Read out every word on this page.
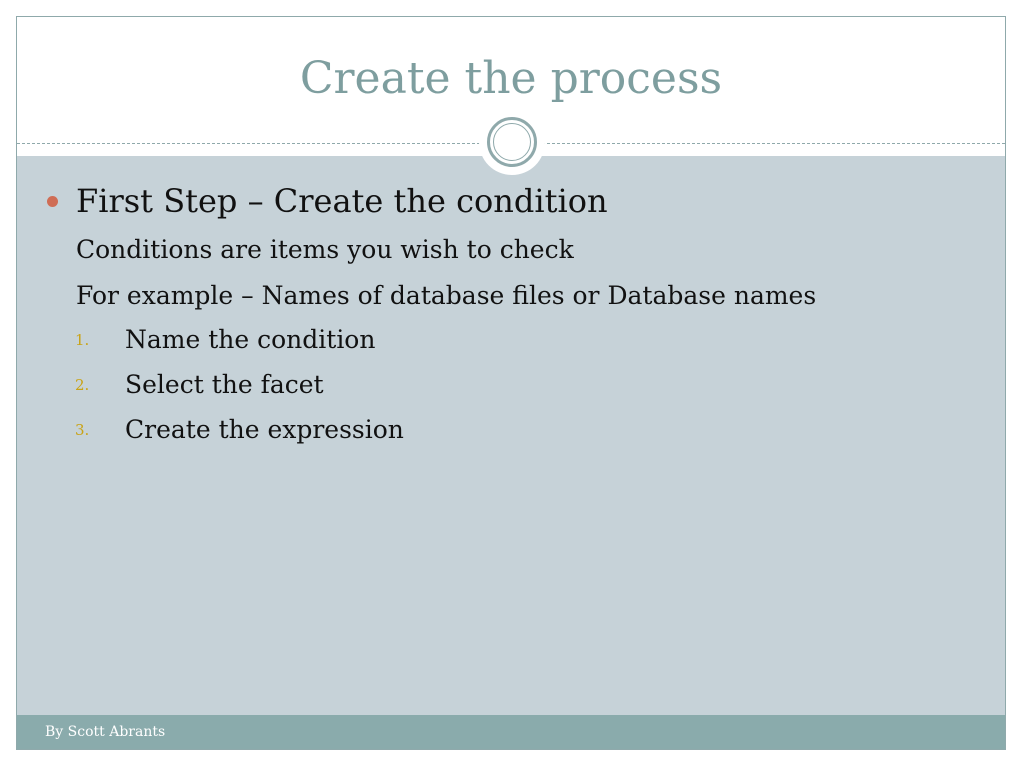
Create the process
First Step – Create the condition
Conditions are items you wish to check
For example – Names of database files or Database names
1.	Name the condition
2.	Select the facet
3.	Create the expression
By Scott Abrants
